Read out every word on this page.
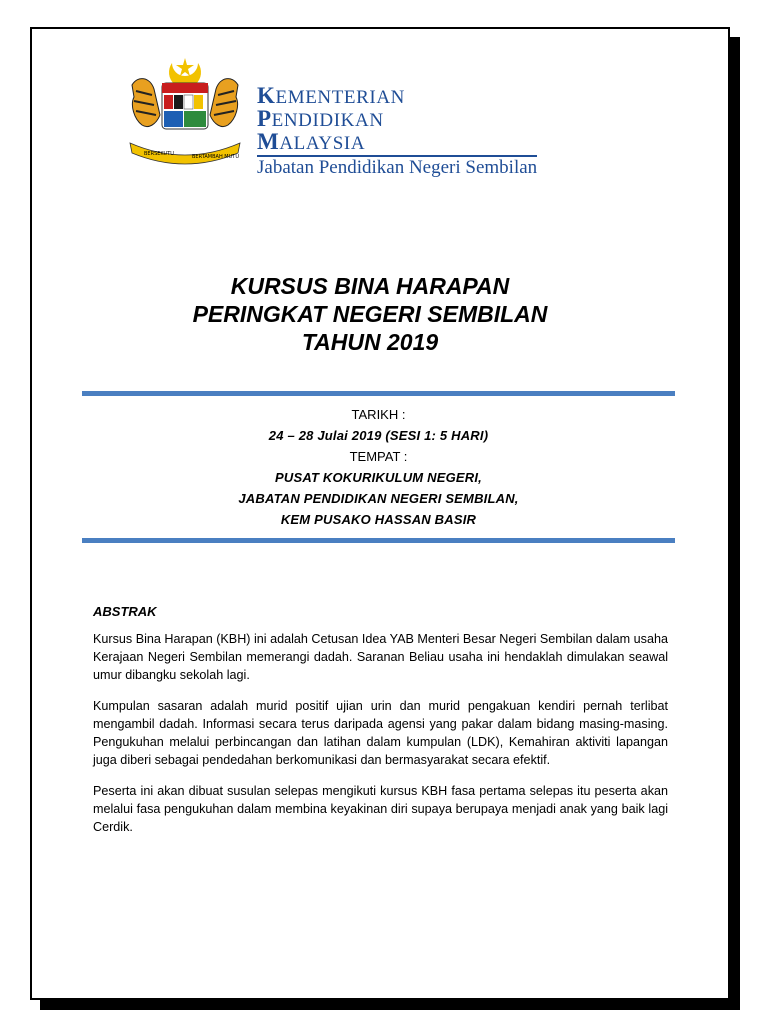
BERSEKUTU	BERTAMBAH MUTU
KEMENTERIAN
PENDIDIKAN
MALAYSIA
Jabatan Pendidikan Negeri Sembilan
KURSUS BINA HARAPAN
PERINGKAT NEGERI SEMBILAN
TAHUN 2019
TARIKH :
24 – 28 Julai 2019 (SESI 1: 5 HARI)
TEMPAT :
PUSAT KOKURIKULUM NEGERI,
JABATAN PENDIDIKAN NEGERI SEMBILAN,
KEM PUSAKO HASSAN BASIR

ABSTRAK

Kursus Bina Harapan (KBH) ini adalah Cetusan Idea YAB Menteri Besar Negeri Sembilan dalam usaha Kerajaan Negeri Sembilan memerangi dadah. Saranan Beliau usaha ini hendaklah dimulakan seawal umur dibangku sekolah lagi.

Kumpulan sasaran adalah murid positif ujian urin dan murid pengakuan kendiri pernah terlibat mengambil dadah. Informasi secara terus daripada agensi yang pakar dalam bidang masing-masing. Pengukuhan melalui perbincangan dan latihan dalam kumpulan (LDK), Kemahiran aktiviti lapangan juga diberi sebagai pendedahan berkomunikasi dan bermasyarakat secara efektif.

Peserta ini akan dibuat susulan selepas mengikuti kursus KBH fasa pertama selepas itu peserta akan melalui fasa pengukuhan dalam membina keyakinan diri supaya berupaya menjadi anak yang baik lagi Cerdik.
